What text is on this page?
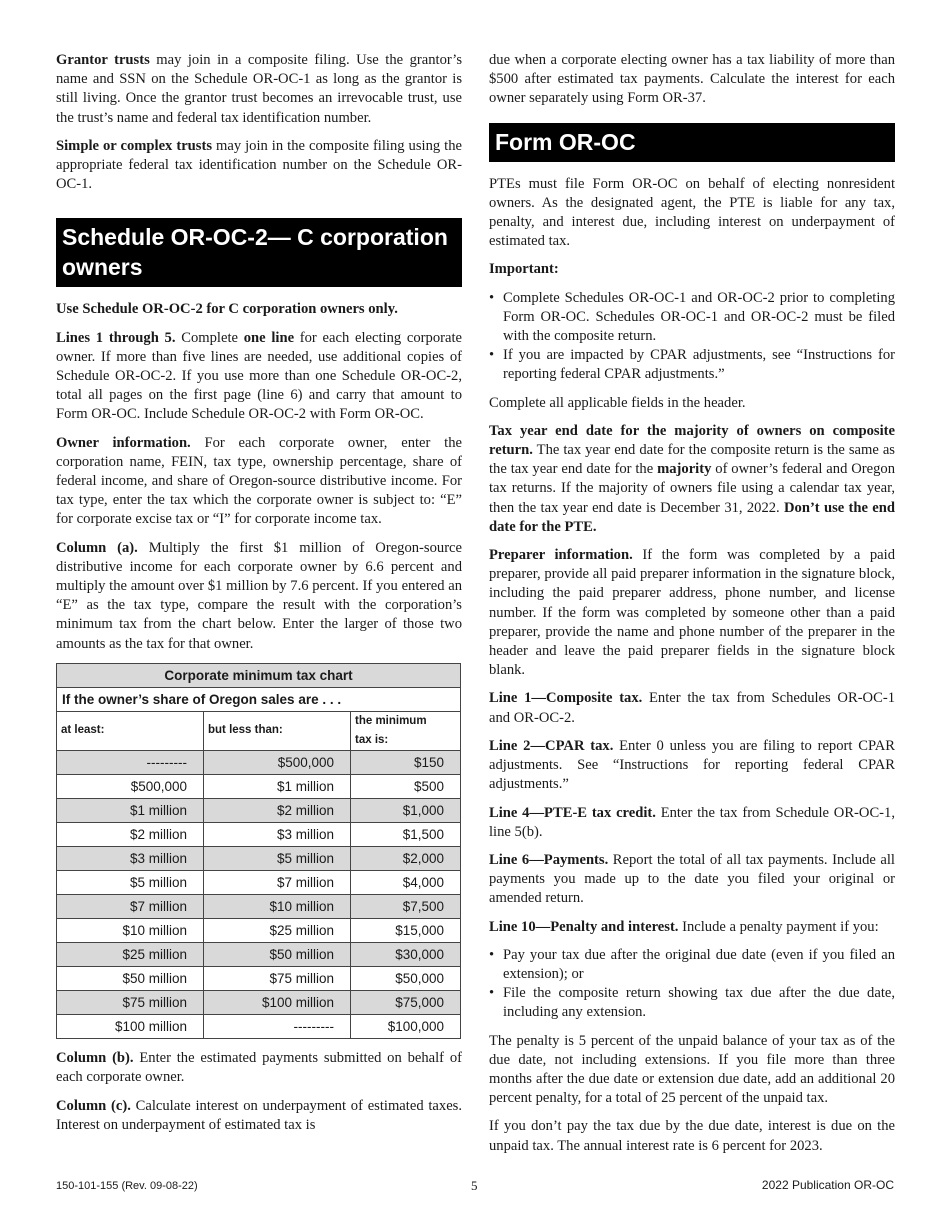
Grantor trusts may join in a composite filing. Use the grantor’s name and SSN on the Schedule OR-OC-1 as long as the grantor is still living. Once the grantor trust becomes an irrevocable trust, use the trust’s name and federal tax identification number.

Simple or complex trusts may join in the composite filing using the appropriate federal tax identification number on the Schedule OR-OC-1.

Schedule OR-OC-2— C corporation owners

Use Schedule OR-OC-2 for C corporation owners only.

Lines 1 through 5. Complete one line for each electing corporate owner. If more than five lines are needed, use additional copies of Schedule OR-OC-2. If you use more than one Schedule OR-OC-2, total all pages on the first page (line 6) and carry that amount to Form OR-OC. Include Schedule OR-OC-2 with Form OR-OC.

Owner information. For each corporate owner, enter the corporation name, FEIN, tax type, ownership percentage, share of federal income, and share of Oregon-source distributive income. For tax type, enter the tax which the corporate owner is subject to: “E” for corporate excise tax or “I” for corporate income tax.

Column (a). Multiply the first $1 million of Oregon-source distributive income for each corporate owner by 6.6 percent and multiply the amount over $1 million by 7.6 percent. If you entered an “E” as the tax type, compare the result with the corporation’s minimum tax from the chart below. Enter the larger of those two amounts as the tax for that owner.

Corporate minimum tax chart		
If the owner’s share of Oregon sales are . . .		
at least:	but less than:	the minimum tax is:
---------	$500,000	$150
$500,000	$1 million	$500
$1 million	$2 million	$1,000
$2 million	$3 million	$1,500
$3 million	$5 million	$2,000
$5 million	$7 million	$4,000
$7 million	$10 million	$7,500
$10 million	$25 million	$15,000
$25 million	$50 million	$30,000
$50 million	$75 million	$50,000
$75 million	$100 million	$75,000
$100 million	---------	$100,000

Column (b). Enter the estimated payments submitted on behalf of each corporate owner.

Column (c). Calculate interest on underpayment of estimated taxes. Interest on underpayment of estimated tax is

due when a corporate electing owner has a tax liability of more than $500 after estimated tax payments. Calculate the interest for each owner separately using Form OR-37.

Form OR-OC

PTEs must file Form OR-OC on behalf of electing nonresident owners. As the designated agent, the PTE is liable for any tax, penalty, and interest due, including interest on underpayment of estimated tax.

Important:

• Complete Schedules OR-OC-1 and OR-OC-2 prior to completing Form OR-OC. Schedules OR-OC-1 and OR-OC-2 must be filed with the composite return.
• If you are impacted by CPAR adjustments, see “Instructions for reporting federal CPAR adjustments.”

Complete all applicable fields in the header.

Tax year end date for the majority of owners on composite return. The tax year end date for the composite return is the same as the tax year end date for the majority of owner’s federal and Oregon tax returns. If the majority of owners file using a calendar tax year, then the tax year end date is December 31, 2022. Don’t use the end date for the PTE.

Preparer information. If the form was completed by a paid preparer, provide all paid preparer information in the signature block, including the paid preparer address, phone number, and license number. If the form was completed by someone other than a paid preparer, provide the name and phone number of the preparer in the header and leave the paid preparer fields in the signature block blank.

Line 1—Composite tax. Enter the tax from Schedules OR-OC-1 and OR-OC-2.

Line 2—CPAR tax. Enter 0 unless you are filing to report CPAR adjustments. See “Instructions for reporting federal CPAR adjustments.”

Line 4—PTE-E tax credit. Enter the tax from Schedule OR-OC-1, line 5(b).

Line 6—Payments. Report the total of all tax payments. Include all payments you made up to the date you filed your original or amended return.

Line 10—Penalty and interest. Include a penalty payment if you:

• Pay your tax due after the original due date (even if you filed an extension); or
• File the composite return showing tax due after the due date, including any extension.

The penalty is 5 percent of the unpaid balance of your tax as of the due date, not including extensions. If you file more than three months after the due date or extension due date, add an additional 20 percent penalty, for a total of 25 percent of the unpaid tax.

If you don’t pay the tax due by the due date, interest is due on the unpaid tax. The annual interest rate is 6 percent for 2023.

150-101-155 (Rev. 09-08-22)	5	2022 Publication OR-OC
